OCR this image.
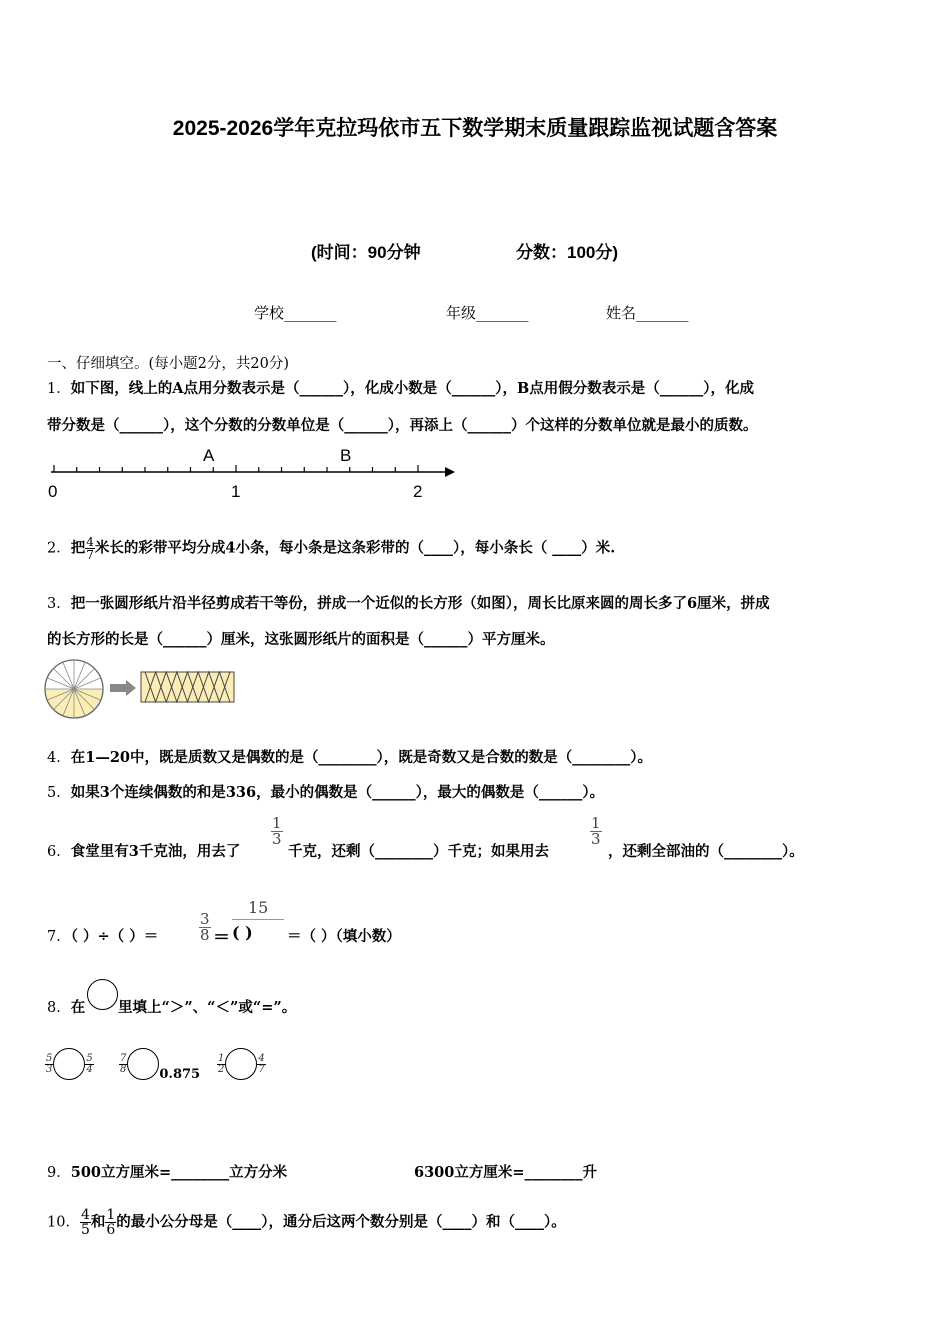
2025-2026学年克拉玛依市五下数学期末质量跟踪监视试题含答案
(时间：90分钟	分数：100分)
学校_______	年级_______	姓名_______
一、仔细填空。(每小题2分，共20分)
1．如下图，线上的A点用分数表示是（______），化成小数是（______），B点用假分数表示是（______），化成
带分数是（______），这个分数的分数单位是（______），再添上（______）个这样的分数单位就是最小的质数。
A	B
0	1	2
2．把 $\frac{4}{7}$ 米长的彩带平均分成4小条，每小条是这条彩带的（____），每小条长（ ____）米.
3．把一张圆形纸片沿半径剪成若干等份，拼成一个近似的长方形（如图），周长比原来圆的周长多了6厘米，拼成
的长方形的长是（______）厘米，这张圆形纸片的面积是（______）平方厘米。
4．在1—20中，既是质数又是偶数的是（________），既是奇数又是合数的数是（________）。
5．如果3个连续偶数的和是336，最小的偶数是（______），最大的偶数是（______）。
6．食堂里有3千克油，用去了
$\frac{1}{3}$
千克，还剩（________）千克；如果用去
$\frac{1}{3}$
，还剩全部油的（________）。
7．（ ）÷（ ）＝	$\frac{3}{8}$ ＝
15
( ) ＝（ ）（填小数）
8．在 里填上“＞”、“＜”或“=”。
$\frac{5}{3}$	$\frac{5}{4}$	$\frac{7}{8} 0.875 \frac{1}{2}$	$\frac{4}{7}$
9．500立方厘米=________立方分米	6300立方厘米=________升
10． $\frac{4}{5}$ 和 $\frac{1}{6}$ 的最小公分母是（____），通分后这两个数分别是（____）和（____）。
